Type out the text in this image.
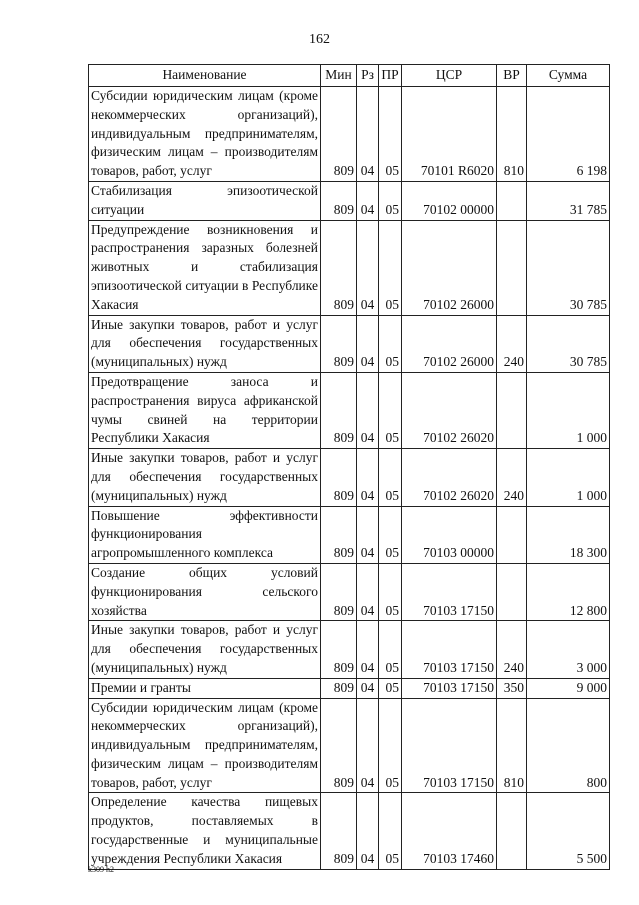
162
Наименование	Мин	Рз	ПР	ЦСР	ВР	Сумма
Субсидии юридическим лицам (кроме некоммерческих организаций), индивидуальным предпринимателям, физическим лицам – производителям товаров, работ, услуг	809	04	05	70101 R6020	810	6 198
Стабилизация эпизоотической ситуации	809	04	05	70102 00000		31 785
Предупреждение возникновения и распространения заразных болезней животных и стабилизация эпизоотической ситуации в Республике Хакасия	809	04	05	70102 26000		30 785
Иные закупки товаров, работ и услуг для обеспечения государственных (муниципальных) нужд	809	04	05	70102 26000	240	30 785
Предотвращение заноса и распространения вируса африканской чумы свиней на территории Республики Хакасия	809	04	05	70102 26020		1 000
Иные закупки товаров, работ и услуг для обеспечения государственных (муниципальных) нужд	809	04	05	70102 26020	240	1 000
Повышение эффективности функционирования агропромышленного комплекса	809	04	05	70103 00000		18 300
Создание общих условий функционирования сельского хозяйства	809	04	05	70103 17150		12 800
Иные закупки товаров, работ и услуг для обеспечения государственных (муниципальных) нужд	809	04	05	70103 17150	240	3 000
Премии и гранты	809	04	05	70103 17150	350	9 000
Субсидии юридическим лицам (кроме некоммерческих организаций), индивидуальным предпринимателям, физическим лицам – производителям товаров, работ, услуг	809	04	05	70103 17150	810	800
Определение качества пищевых продуктов, поставляемых в государственные и муниципальные учреждения Республики Хакасия	809	04	05	70103 17460		5 500
k309 h2
